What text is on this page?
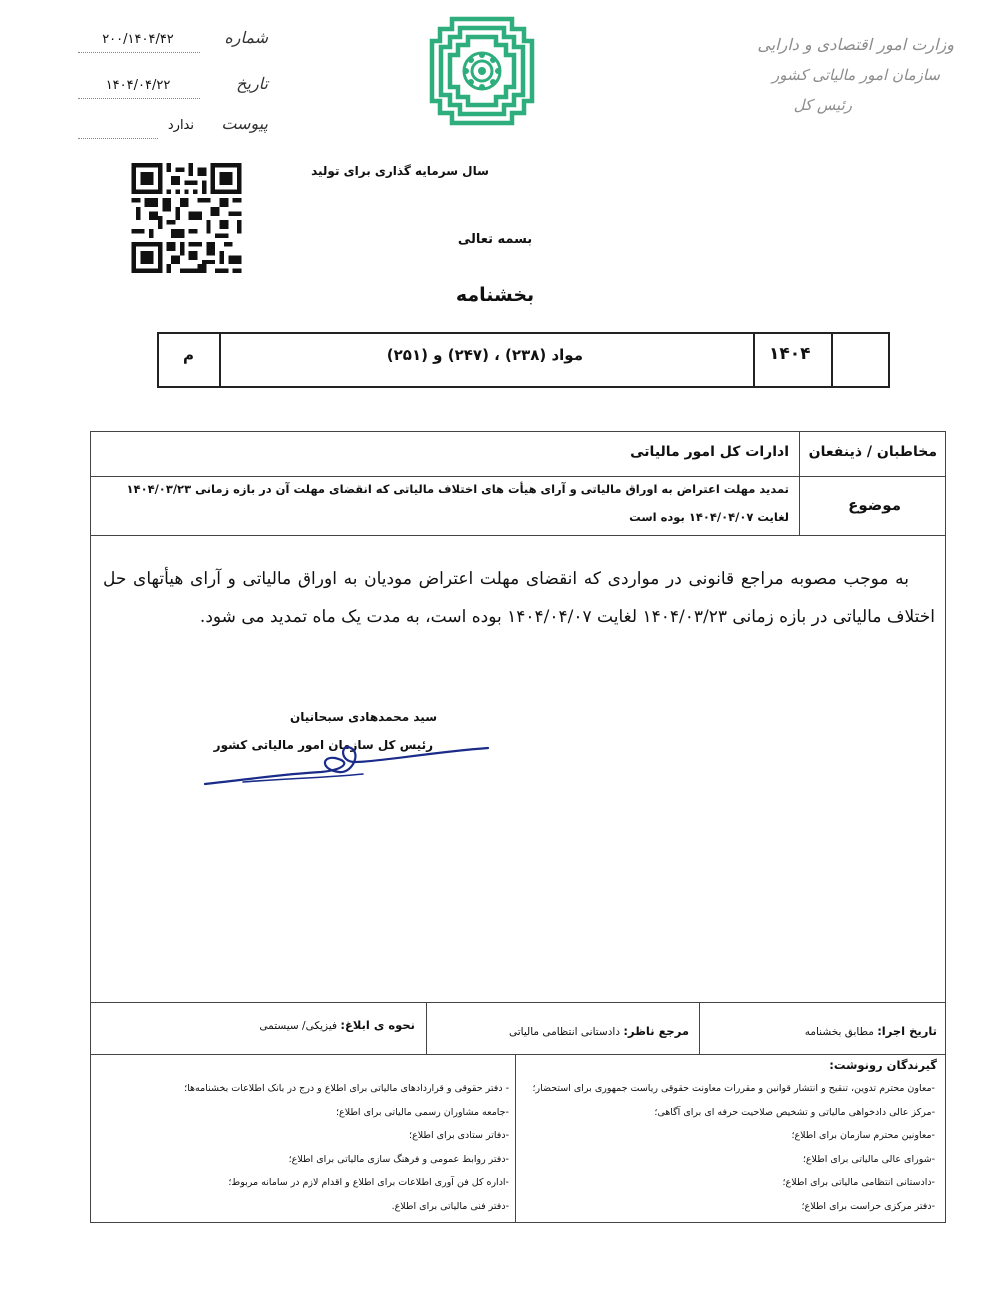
۲۰۰/۱۴۰۴/۴۲	شماره
۱۴۰۴/۰۴/۲۲	تاریخ
ندارد پیوست
وزارت امور اقتصادی و دارایی
سازمان امور مالیاتی کشور
رئیس کل
سال سرمایه گذاری برای تولید
بسمه تعالی
بخشنامه
م	مواد (۲۳۸) ، (۲۴۷) و (۲۵۱)	۱۴۰۴
مخاطبان / ذینفعان
ادارات کل امور مالیاتی
موضوع
تمدید مهلت اعتراض به اوراق مالیاتی و آرای هیأت های اختلاف مالیاتی که انقضای مهلت آن در بازه زمانی ۱۴۰۴/۰۳/۲۳
لغایت ۱۴۰۴/۰۴/۰۷ بوده است
به موجب مصوبه مراجع قانونی در مواردی که انقضای مهلت اعتراض مودیان به اوراق مالیاتی و آرای هیأتهای حل اختلاف مالیاتی در بازه زمانی ۱۴۰۴/۰۳/۲۳ لغایت ۱۴۰۴/۰۴/۰۷ بوده است، به مدت یک ماه تمدید می شود.
سید محمدهادی سبحانیان
رئیس کل سازمان امور مالیاتی کشور
تاریخ اجرا: مطابق بخشنامه
مرجع ناظر: دادستانی انتظامی مالیاتی
نحوه ی ابلاغ: فیزیکی/ سیستمی
گیرندگان رونوشت:
-معاون محترم تدوین، تنقیح و انتشار قوانین و مقررات معاونت حقوقی ریاست جمهوری برای استحضار؛
-مرکز عالی دادخواهی مالیاتی و تشخیص صلاحیت حرفه ای برای آگاهی؛
-معاونین محترم سازمان برای اطلاع؛
-شورای عالی مالیاتی برای اطلاع؛
-دادستانی انتظامی مالیاتی برای اطلاع؛
-دفتر مرکزی حراست برای اطلاع؛
- دفتر حقوقی و قراردادهای مالیاتی برای اطلاع و درج در بانک اطلاعات بخشنامه‌ها؛
-جامعه مشاوران رسمی مالیاتی برای اطلاع؛
-دفاتر ستادی برای اطلاع؛
-دفتر روابط عمومی و فرهنگ سازی مالیاتی برای اطلاع؛
-اداره کل فن آوری اطلاعات برای اطلاع و اقدام لازم در سامانه مربوط؛
-دفتر فنی مالیاتی برای اطلاع.
